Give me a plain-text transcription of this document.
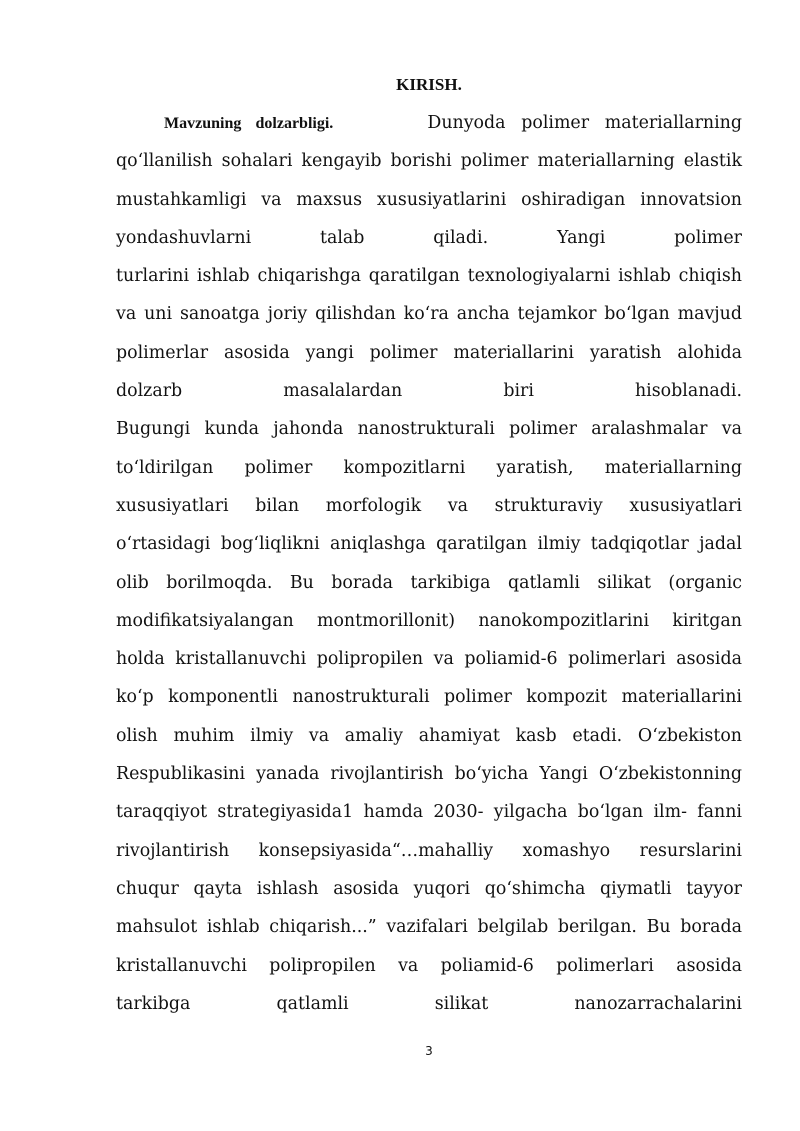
KIRISH.
Mavzuning dolzarbligi.	Dunyoda polimer materiallarning
qo‘llanilish sohalari kengayib borishi polimer materiallarning elastik
mustahkamligi va maxsus xususiyatlarini oshiradigan innovatsion
yondashuvlarni talab qiladi. Yangi polimer
turlarini ishlab chiqarishga qaratilgan texnologiyalarni ishlab chiqish
va uni sanoatga joriy qilishdan ko‘ra ancha tejamkor bo‘lgan mavjud
polimerlar asosida yangi polimer materiallarini yaratish alohida
dolzarb masalalardan biri hisoblanadi.
Bugungi kunda jahonda nanostrukturali polimer aralashmalar va
to‘ldirilgan polimer kompozitlarni yaratish, materiallarning
xususiyatlari bilan morfologik va strukturaviy xususiyatlari
o‘rtasidagi bog‘liqlikni aniqlashga qaratilgan ilmiy tadqiqotlar jadal
olib borilmoqda. Bu borada tarkibiga qatlamli silikat (organic
modifikatsiyalangan montmorillonit) nanokompozitlarini kiritgan
holda kristallanuvchi polipropilen va poliamid-6 polimerlari asosida
ko‘p komponentli nanostrukturali polimer kompozit materiallarini
olish muhim ilmiy va amaliy ahamiyat kasb etadi. O‘zbekiston
Respublikasini yanada rivojlantirish bo‘yicha Yangi O‘zbekistonning
taraqqiyot strategiyasida1 hamda 2030- yilgacha bo‘lgan ilm- fanni
rivojlantirish konsepsiyasida“…mahalliy xomashyo resurslarini
chuqur qayta ishlash asosida yuqori qo‘shimcha qiymatli tayyor
mahsulot ishlab chiqarish...” vazifalari belgilab berilgan. Bu borada
kristallanuvchi polipropilen va poliamid-6 polimerlari asosida
tarkibga qatlamli silikat nanozarrachalarini
3
